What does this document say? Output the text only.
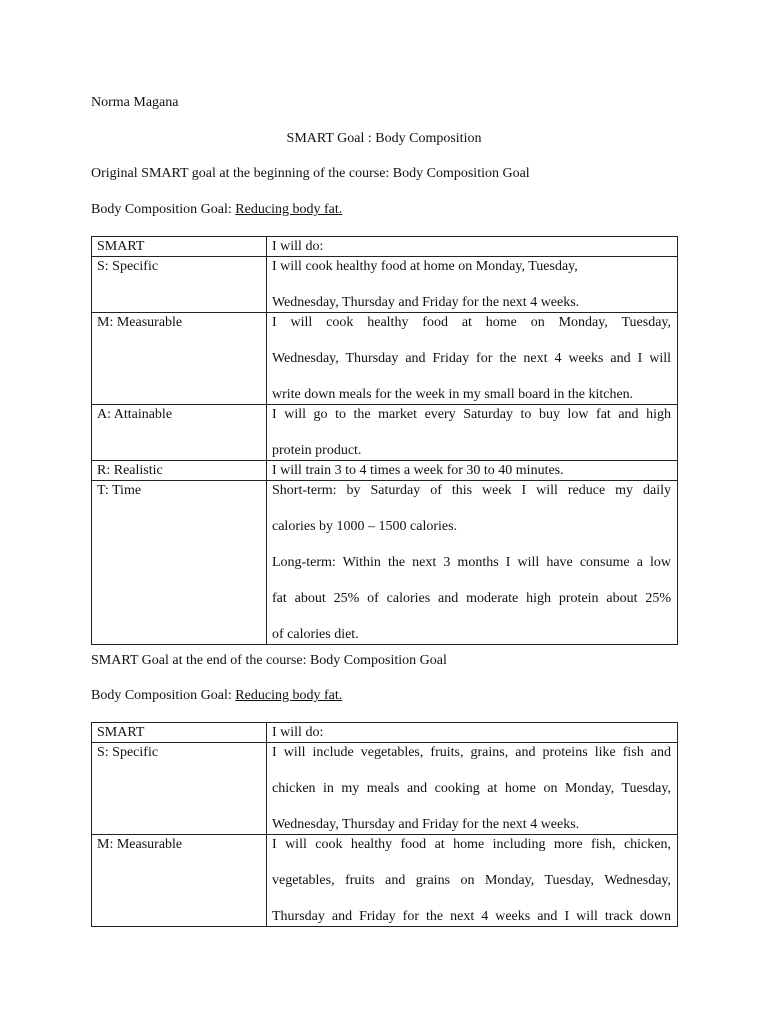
Norma Magana
SMART Goal : Body Composition
Original SMART goal at the beginning of the course: Body Composition Goal
Body Composition Goal: Reducing body fat.
SMART	I will do:
S: Specific	I will cook healthy food at home on Monday, Tuesday,

Wednesday, Thursday and Friday for the next 4 weeks.

M: Measurable	I will cook healthy food at home on Monday, Tuesday,

Wednesday, Thursday and Friday for the next 4 weeks and I will

write down meals for the week in my small board in the kitchen.

A: Attainable	I will go to the market every Saturday to buy low fat and high

protein product.

R: Realistic	I will train 3 to 4 times a week for 30 to 40 minutes.

T: Time	Short-term: by Saturday of this week I will reduce my daily

calories by 1000 – 1500 calories.

Long-term: Within the next 3 months I will have consume a low

fat about 25% of calories and moderate high protein about 25%

of calories diet.

SMART Goal at the end of the course: Body Composition Goal
Body Composition Goal: Reducing body fat.
SMART	I will do:
S: Specific	I will include vegetables, fruits, grains, and proteins like fish and

chicken in my meals and cooking at home on Monday, Tuesday,

Wednesday, Thursday and Friday for the next 4 weeks.

M: Measurable	I will cook healthy food at home including more fish, chicken,

vegetables, fruits and grains on Monday, Tuesday, Wednesday,

Thursday and Friday for the next 4 weeks and I will track down
